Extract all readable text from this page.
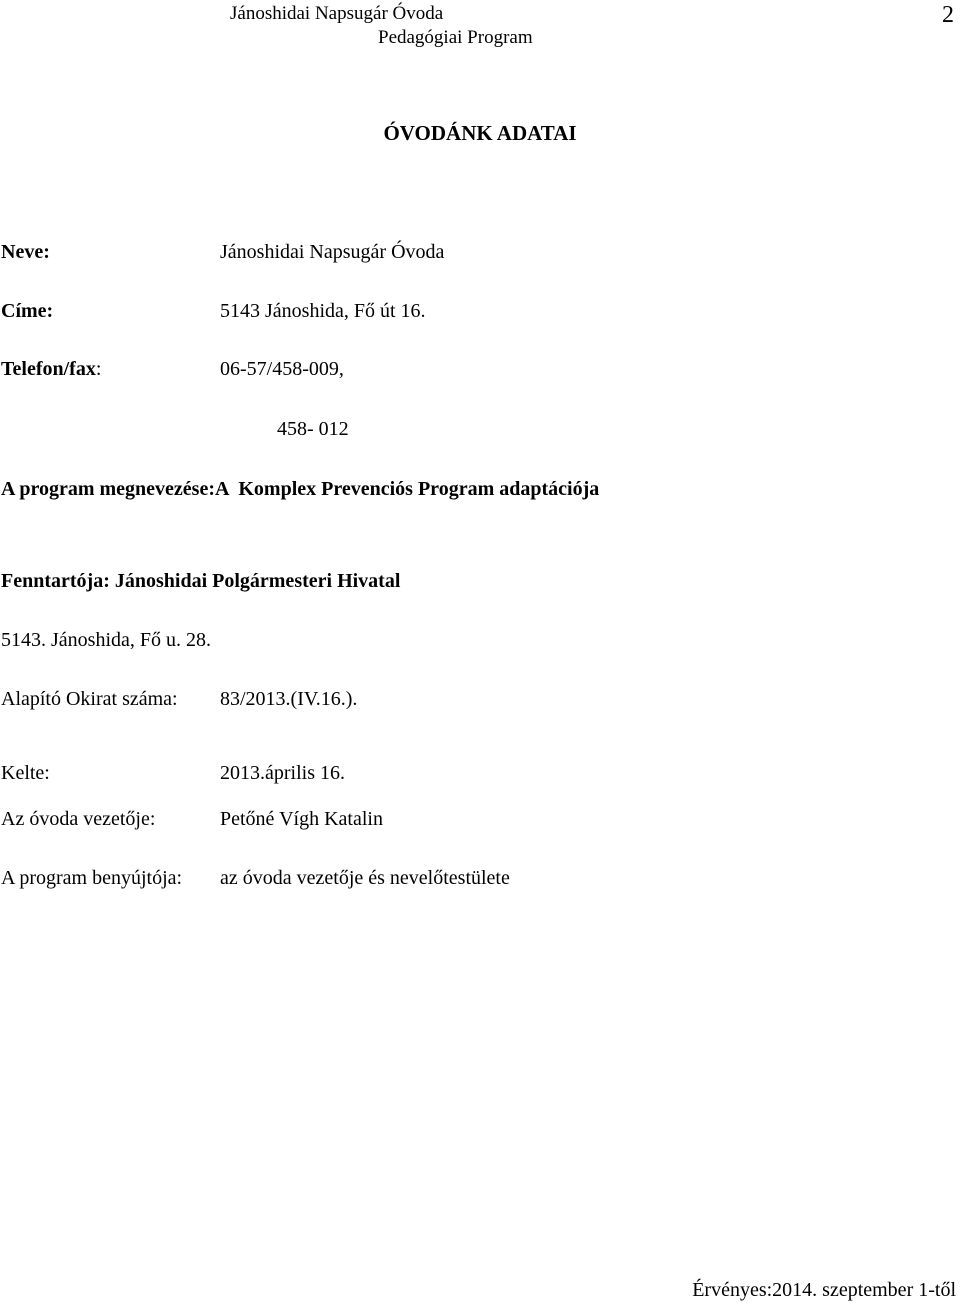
Jánoshidai Napsugár Óvoda
Pedagógiai Program
2
ÓVODÁNK ADATAI
Neve:	Jánoshidai Napsugár Óvoda
Címe:	5143 Jánoshida, Fő út 16.
Telefon/fax:	06-57/458-009,
458- 012
A program megnevezése:A  Komplex Prevenciós Program adaptációja
Fenntartója: Jánoshidai Polgármesteri Hivatal
5143. Jánoshida, Fő u. 28.
Alapító Okirat száma: 83/2013.(IV.16.).
Kelte:	2013.április 16.
Az óvoda vezetője:	Petőné Vígh Katalin
A program benyújtója: az óvoda vezetője és nevelőtestülete
Érvényes:2014. szeptember 1-től
